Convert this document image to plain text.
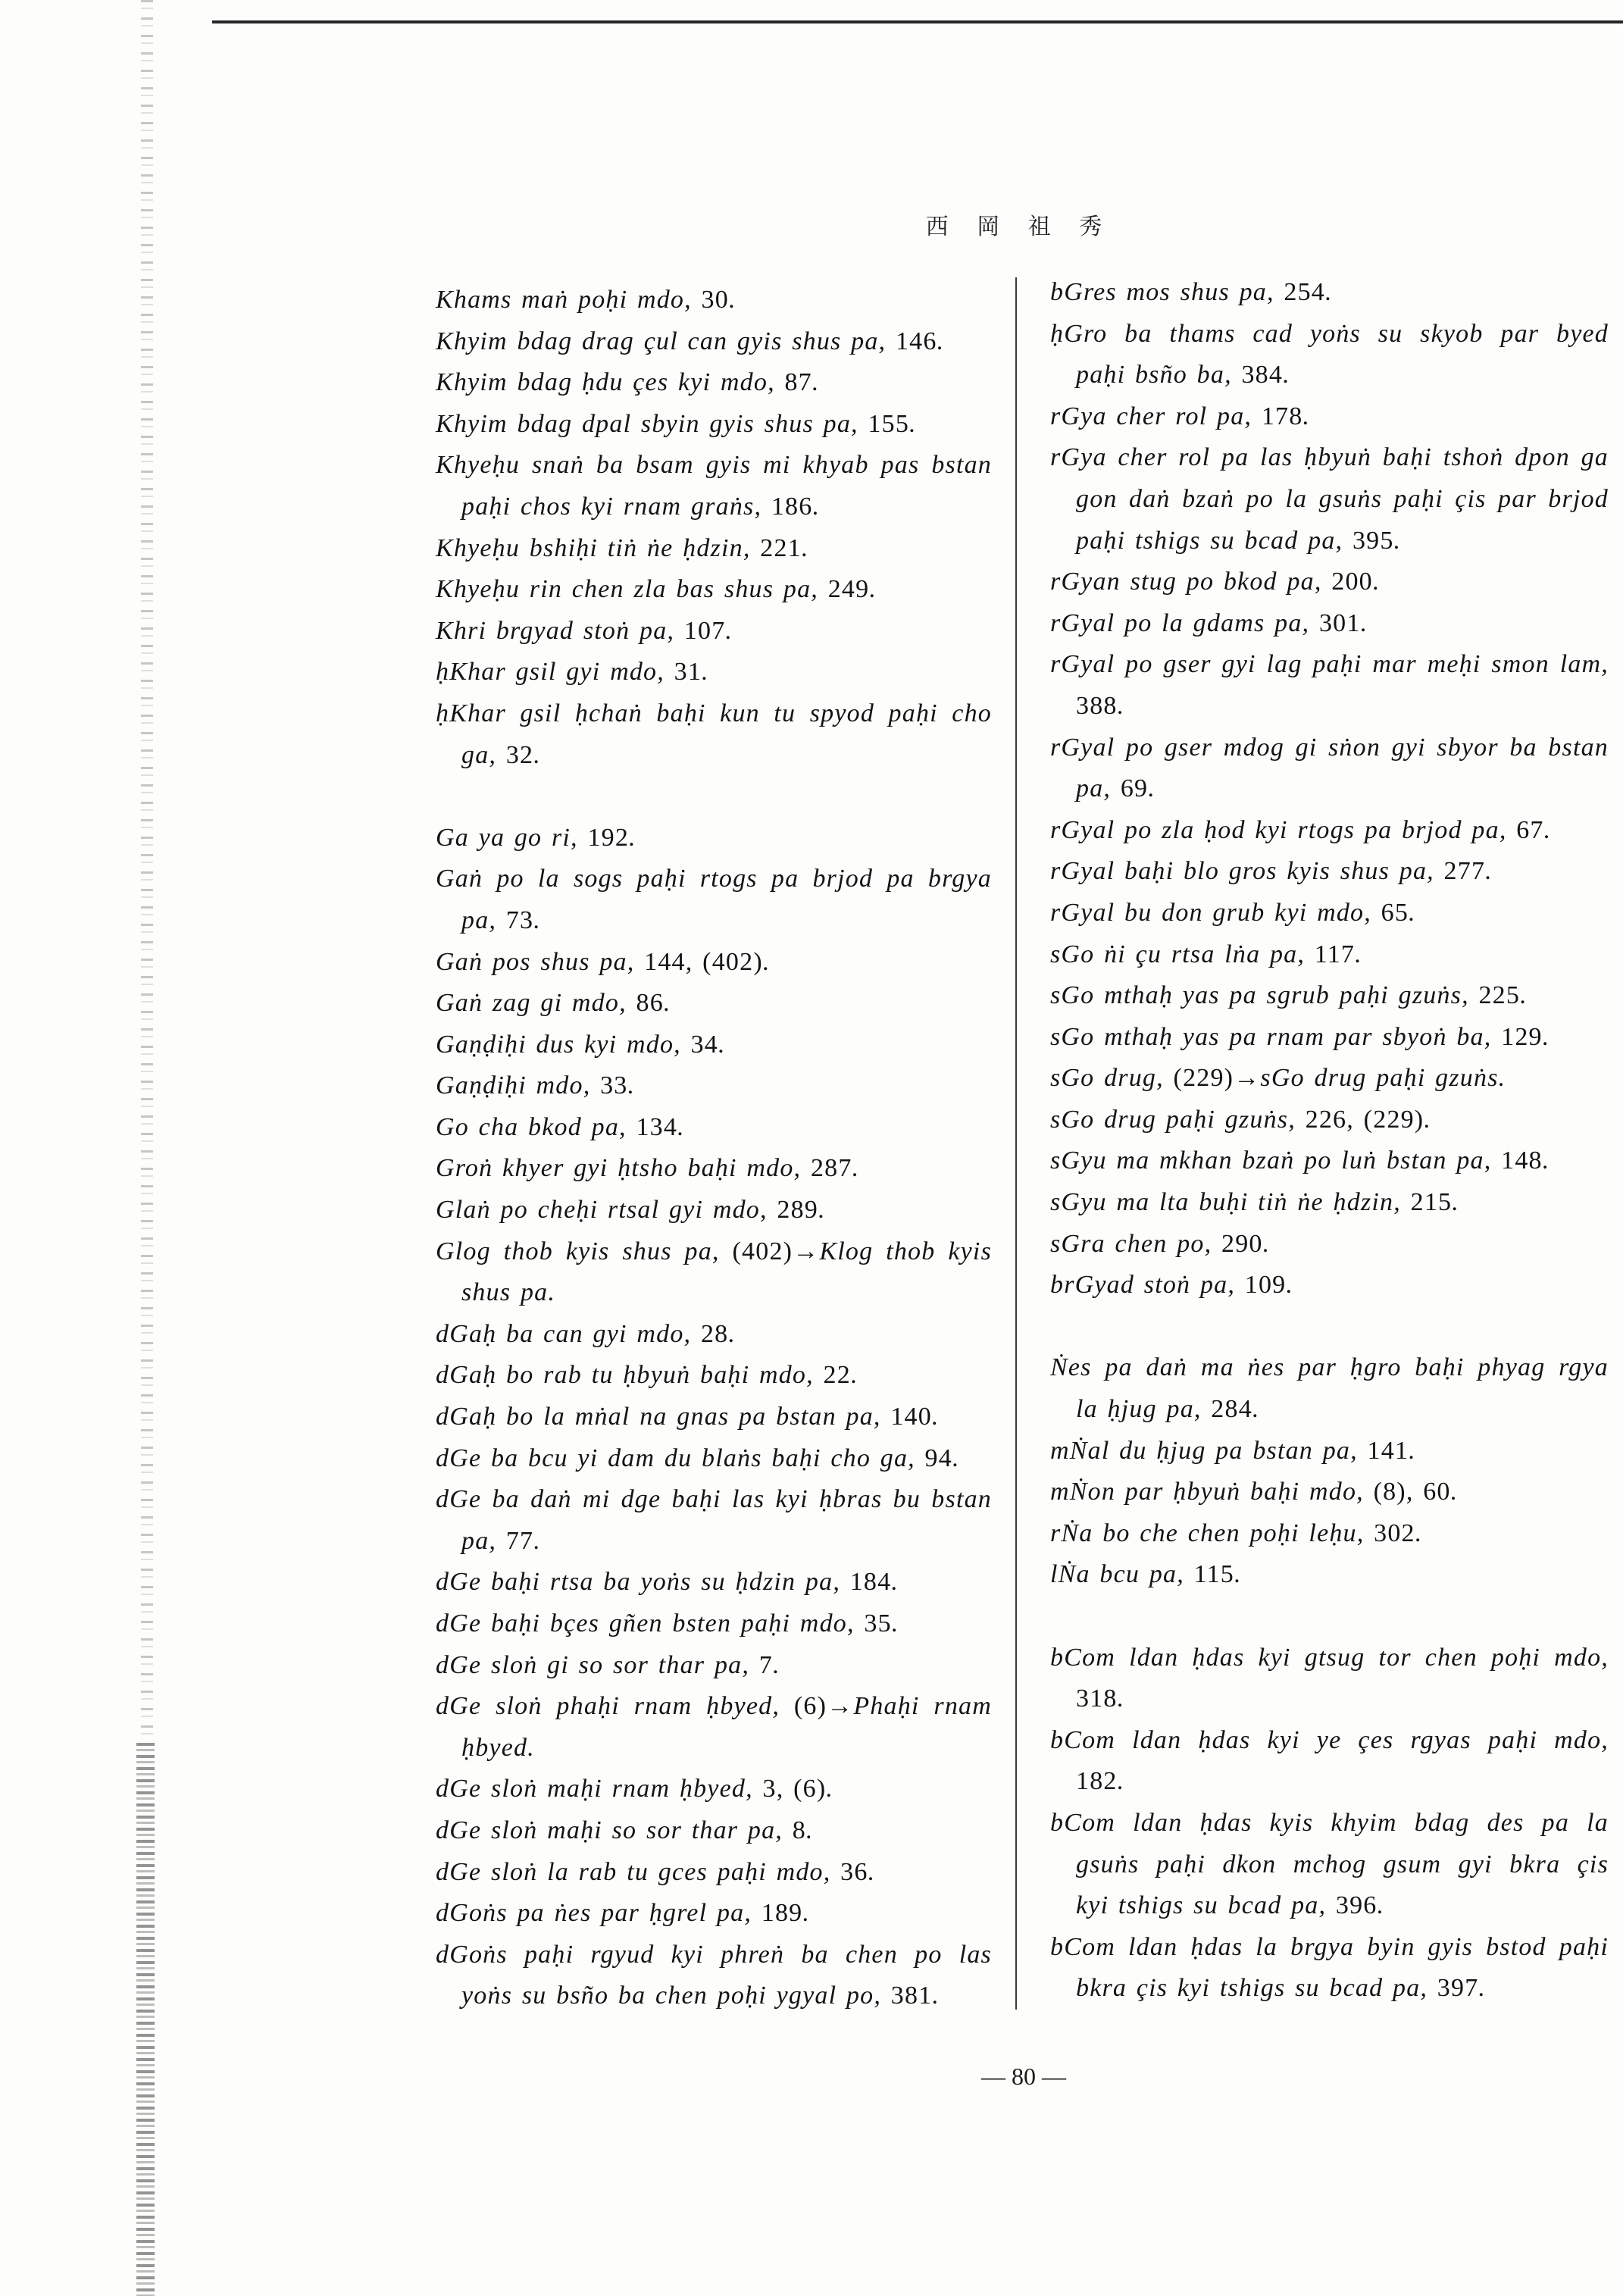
西 岡 祖 秀
Khams maṅ poḥi mdo, 30.
Khyim bdag drag çul can gyis shus pa, 146.
Khyim bdag ḥdu çes kyi mdo, 87.
Khyim bdag dpal sbyin gyis shus pa, 155.
Khyeḥu snaṅ ba bsam gyis mi khyab pas bstan
paḥi chos kyi rnam graṅs, 186.
Khyeḥu bshiḥi tiṅ ṅe ḥdzin, 221.
Khyeḥu rin chen zla bas shus pa, 249.
Khri brgyad stoṅ pa, 107.
ḥKhar gsil gyi mdo, 31.
ḥKhar gsil ḥchaṅ baḥi kun tu spyod paḥi cho
ga, 32.
Ga ya go ri, 192.
Gaṅ po la sogs paḥi rtogs pa brjod pa brgya
pa, 73.
Gaṅ pos shus pa, 144, (402).
Gaṅ zag gi mdo, 86.
Gaṇḍiḥi dus kyi mdo, 34.
Gaṇḍiḥi mdo, 33.
Go cha bkod pa, 134.
Groṅ khyer gyi ḥtsho baḥi mdo, 287.
Glaṅ po cheḥi rtsal gyi mdo, 289.
Glog thob kyis shus pa, (402)→Klog thob kyis
shus pa.
dGaḥ ba can gyi mdo, 28.
dGaḥ bo rab tu ḥbyuṅ baḥi mdo, 22.
dGaḥ bo la mṅal na gnas pa bstan pa, 140.
dGe ba bcu yi dam du blaṅs baḥi cho ga, 94.
dGe ba daṅ mi dge baḥi las kyi ḥbras bu bstan
pa, 77.
dGe baḥi rtsa ba yoṅs su ḥdzin pa, 184.
dGe baḥi bçes gñen bsten paḥi mdo, 35.
dGe sloṅ gi so sor thar pa, 7.
dGe sloṅ phaḥi rnam ḥbyed, (6)→Phaḥi rnam
ḥbyed.
dGe sloṅ maḥi rnam ḥbyed, 3, (6).
dGe sloṅ maḥi so sor thar pa, 8.
dGe sloṅ la rab tu gces paḥi mdo, 36.
dGoṅs pa ṅes par ḥgrel pa, 189.
dGoṅs paḥi rgyud kyi phreṅ ba chen po las
yoṅs su bsño ba chen poḥi ygyal po, 381.
bGres mos shus pa, 254.
ḥGro ba thams cad yoṅs su skyob par byed
paḥi bsño ba, 384.
rGya cher rol pa, 178.
rGya cher rol pa las ḥbyuṅ baḥi tshoṅ dpon ga
gon daṅ bzaṅ po la gsuṅs paḥi çis par brjod
paḥi tshigs su bcad pa, 395.
rGyan stug po bkod pa, 200.
rGyal po la gdams pa, 301.
rGyal po gser gyi lag paḥi mar meḥi smon lam,
388.
rGyal po gser mdog gi sṅon gyi sbyor ba bstan
pa, 69.
rGyal po zla ḥod kyi rtogs pa brjod pa, 67.
rGyal baḥi blo gros kyis shus pa, 277.
rGyal bu don grub kyi mdo, 65.
sGo ṅi çu rtsa lṅa pa, 117.
sGo mthaḥ yas pa sgrub paḥi gzuṅs, 225.
sGo mthaḥ yas pa rnam par sbyoṅ ba, 129.
sGo drug, (229)→sGo drug paḥi gzuṅs.
sGo drug paḥi gzuṅs, 226, (229).
sGyu ma mkhan bzaṅ po luṅ bstan pa, 148.
sGyu ma lta buḥi tiṅ ṅe ḥdzin, 215.
sGra chen po, 290.
brGyad stoṅ pa, 109.
Ṅes pa daṅ ma ṅes par ḥgro baḥi phyag rgya
la ḥjug pa, 284.
mṄal du ḥjug pa bstan pa, 141.
mṄon par ḥbyuṅ baḥi mdo, (8), 60.
rṄa bo che chen poḥi leḥu, 302.
lṄa bcu pa, 115.
bCom ldan ḥdas kyi gtsug tor chen poḥi mdo,
318.
bCom ldan ḥdas kyi ye çes rgyas paḥi mdo,
182.
bCom ldan ḥdas kyis khyim bdag des pa la
gsuṅs paḥi dkon mchog gsum gyi bkra çis
kyi tshigs su bcad pa, 396.
bCom ldan ḥdas la brgya byin gyis bstod paḥi
bkra çis kyi tshigs su bcad pa, 397.
— 80 —
